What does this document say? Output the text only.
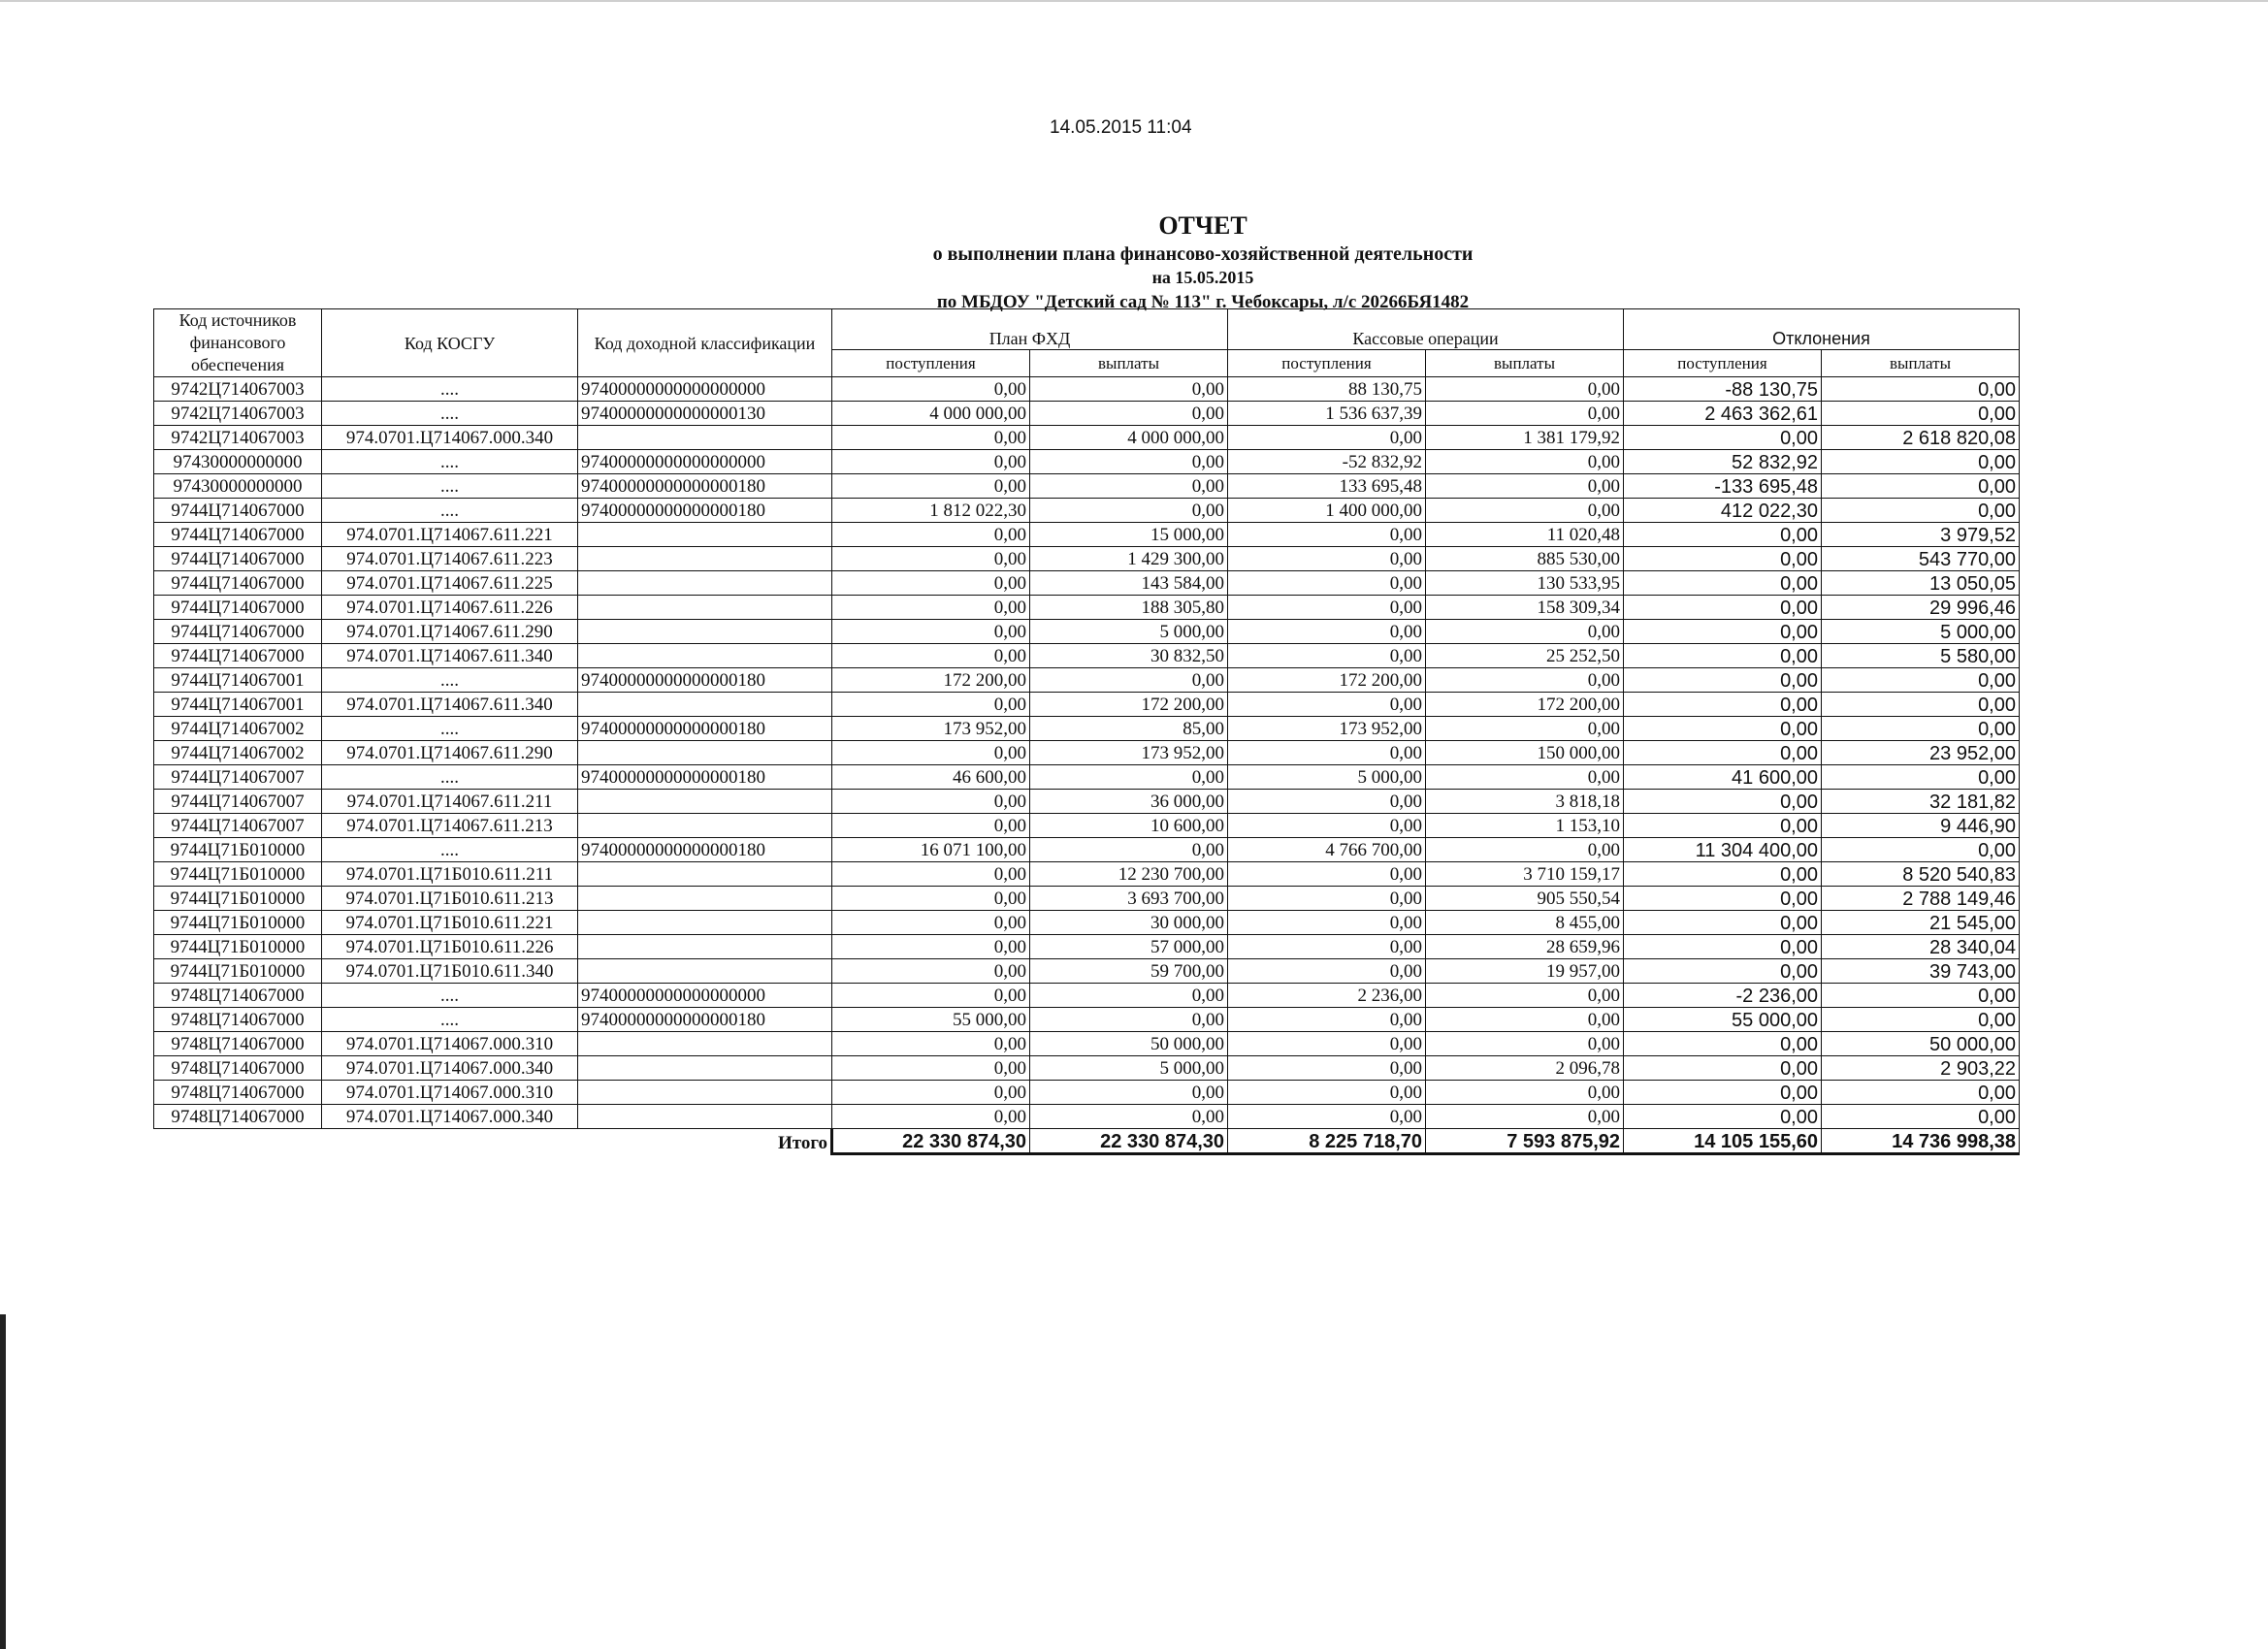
14.05.2015 11:04
ОТЧЕТ
о выполнении плана финансово-хозяйственной деятельности
на 15.05.2015
по МБДОУ "Детский сад № 113" г. Чебоксары, л/с 20266БЯ1482
Код источников финансового обеспечения	Код КОСГУ	Код доходной классификации	План ФХД		Кассовые операции		Отклонения	
			поступления	выплаты	поступления	выплаты	поступления	выплаты
9742Ц714067003	....	97400000000000000000	0,00	0,00	88 130,75	0,00	-88 130,75	0,00
9742Ц714067003	....	97400000000000000130	4 000 000,00	0,00	1 536 637,39	0,00	2 463 362,61	0,00
9742Ц714067003	974.0701.Ц714067.000.340		0,00	4 000 000,00	0,00	1 381 179,92	0,00	2 618 820,08
97430000000000	....	97400000000000000000	0,00	0,00	-52 832,92	0,00	52 832,92	0,00
97430000000000	....	97400000000000000180	0,00	0,00	133 695,48	0,00	-133 695,48	0,00
9744Ц714067000	....	97400000000000000180	1 812 022,30	0,00	1 400 000,00	0,00	412 022,30	0,00
9744Ц714067000	974.0701.Ц714067.611.221		0,00	15 000,00	0,00	11 020,48	0,00	3 979,52
9744Ц714067000	974.0701.Ц714067.611.223		0,00	1 429 300,00	0,00	885 530,00	0,00	543 770,00
9744Ц714067000	974.0701.Ц714067.611.225		0,00	143 584,00	0,00	130 533,95	0,00	13 050,05
9744Ц714067000	974.0701.Ц714067.611.226		0,00	188 305,80	0,00	158 309,34	0,00	29 996,46
9744Ц714067000	974.0701.Ц714067.611.290		0,00	5 000,00	0,00	0,00	0,00	5 000,00
9744Ц714067000	974.0701.Ц714067.611.340		0,00	30 832,50	0,00	25 252,50	0,00	5 580,00
9744Ц714067001	....	97400000000000000180	172 200,00	0,00	172 200,00	0,00	0,00	0,00
9744Ц714067001	974.0701.Ц714067.611.340		0,00	172 200,00	0,00	172 200,00	0,00	0,00
9744Ц714067002	....	97400000000000000180	173 952,00	85,00	173 952,00	0,00	0,00	0,00
9744Ц714067002	974.0701.Ц714067.611.290		0,00	173 952,00	0,00	150 000,00	0,00	23 952,00
9744Ц714067007	....	97400000000000000180	46 600,00	0,00	5 000,00	0,00	41 600,00	0,00
9744Ц714067007	974.0701.Ц714067.611.211		0,00	36 000,00	0,00	3 818,18	0,00	32 181,82
9744Ц714067007	974.0701.Ц714067.611.213		0,00	10 600,00	0,00	1 153,10	0,00	9 446,90
9744Ц71Б010000	....	97400000000000000180	16 071 100,00	0,00	4 766 700,00	0,00	11 304 400,00	0,00
9744Ц71Б010000	974.0701.Ц71Б010.611.211		0,00	12 230 700,00	0,00	3 710 159,17	0,00	8 520 540,83
9744Ц71Б010000	974.0701.Ц71Б010.611.213		0,00	3 693 700,00	0,00	905 550,54	0,00	2 788 149,46
9744Ц71Б010000	974.0701.Ц71Б010.611.221		0,00	30 000,00	0,00	8 455,00	0,00	21 545,00
9744Ц71Б010000	974.0701.Ц71Б010.611.226		0,00	57 000,00	0,00	28 659,96	0,00	28 340,04
9744Ц71Б010000	974.0701.Ц71Б010.611.340		0,00	59 700,00	0,00	19 957,00	0,00	39 743,00
9748Ц714067000	....	97400000000000000000	0,00	0,00	2 236,00	0,00	-2 236,00	0,00
9748Ц714067000	....	97400000000000000180	55 000,00	0,00	0,00	0,00	55 000,00	0,00
9748Ц714067000	974.0701.Ц714067.000.310		0,00	50 000,00	0,00	0,00	0,00	50 000,00
9748Ц714067000	974.0701.Ц714067.000.340		0,00	5 000,00	0,00	2 096,78	0,00	2 903,22
9748Ц714067000	974.0701.Ц714067.000.310		0,00	0,00	0,00	0,00	0,00	0,00
9748Ц714067000	974.0701.Ц714067.000.340		0,00	0,00	0,00	0,00	0,00	0,00
Итого			22 330 874,30	22 330 874,30	8 225 718,70	7 593 875,92	14 105 155,60	14 736 998,38
